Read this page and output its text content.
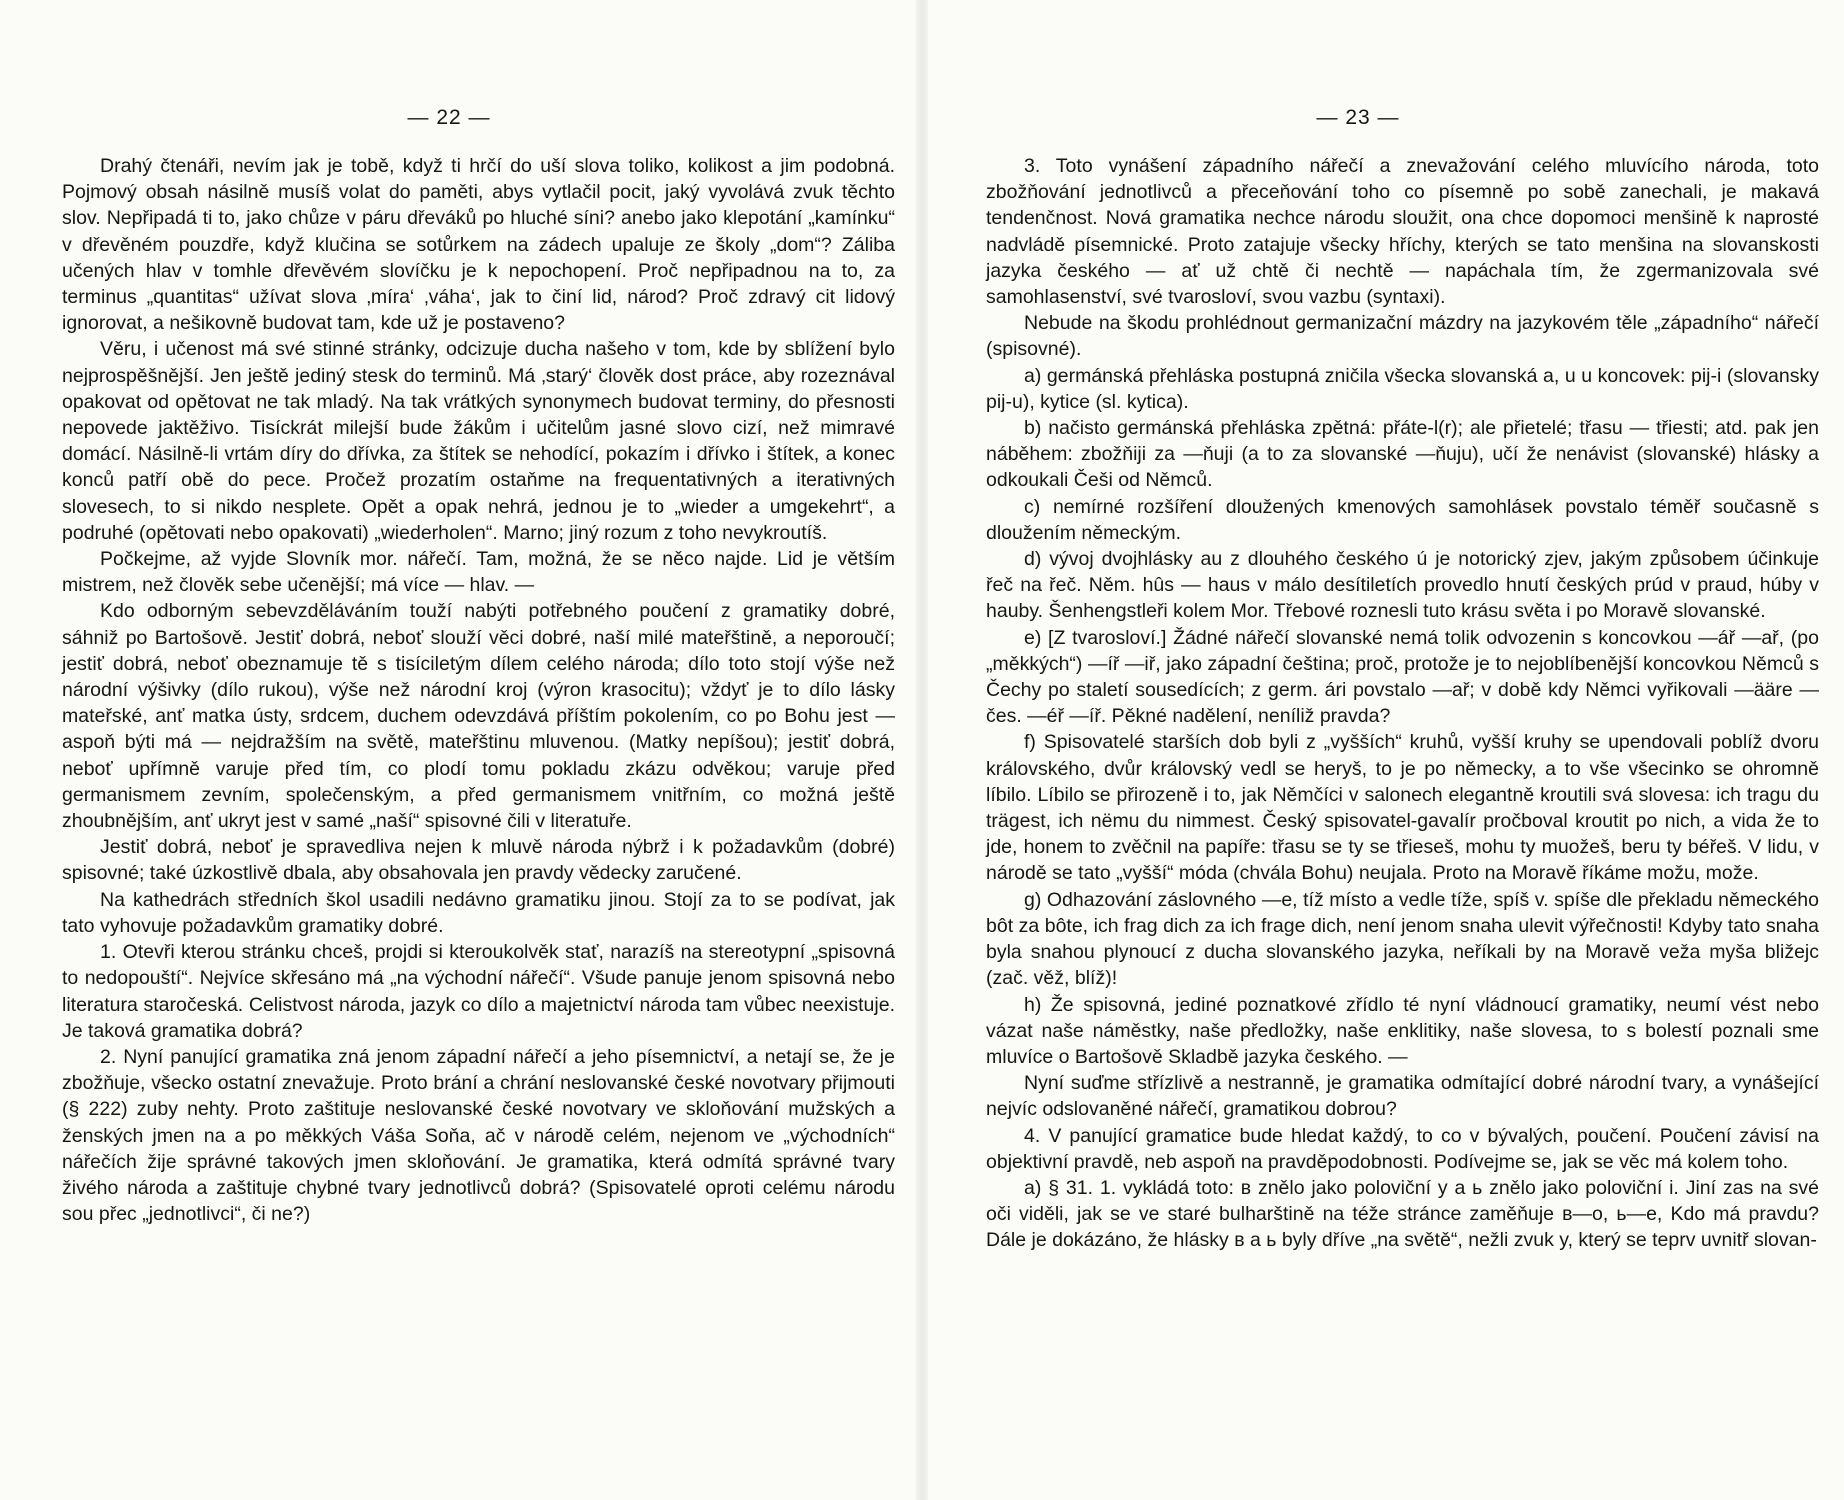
— 22 —

Drahý čtenáři, nevím jak je tobě, když ti hrčí do uší slova toliko, kolikost a jim podobná. Pojmový obsah násilně musíš volat do paměti, abys vytlačil pocit, jaký vyvolává zvuk těchto slov. Nepřipadá ti to, jako chůze v páru dřeváků po hluché síni? anebo jako klepotání „kamínku“ v dřevěném pouzdře, když klučina se sotůrkem na zádech upaluje ze školy „dom“? Záliba učených hlav v tomhle dřevěvém slovíčku je k nepochopení. Proč nepřipadnou na to, za terminus „quantitas“ užívat slova ‚míra‘ ‚váha‘, jak to činí lid, národ? Proč zdravý cit lidový ignorovat, a nešikovně budovat tam, kde už je postaveno?

Věru, i učenost má své stinné stránky, odcizuje ducha našeho v tom, kde by sblížení bylo nejprospěšnější. Jen ještě jediný stesk do terminů. Má ‚starý‘ člověk dost práce, aby rozeznával opakovat od opětovat ne tak mladý. Na tak vrátkých synonymech budovat terminy, do přesnosti nepovede jaktěživo. Tisíckrát milejší bude žákům i učitelům jasné slovo cizí, než mimravé domácí. Násilně-li vrtám díry do dřívka, za štítek se nehodící, pokazím i dřívko i štítek, a konec konců patří obě do pece. Pročež prozatím ostaňme na frequentativných a iterativných slovesech, to si nikdo nesplete. Opět a opak nehrá, jednou je to „wieder a umgekehrt“, a podruhé (opětovati nebo opakovati) „wiederholen“. Marno; jiný rozum z toho nevykroutíš.

Počkejme, až vyjde Slovník mor. nářečí. Tam, možná, že se něco najde. Lid je větším mistrem, než člověk sebe učenější; má více — hlav. —

Kdo odborným sebevzděláváním touží nabýti potřebného poučení z gramatiky dobré, sáhniž po Bartošově. Jestiť dobrá, neboť slouží věci dobré, naší milé mateřštině, a neporoučí; jestiť dobrá, neboť obeznamuje tě s tisíciletým dílem celého národa; dílo toto stojí výše než národní výšivky (dílo rukou), výše než národní kroj (výron krasocitu); vždyť je to dílo lásky mateřské, anť matka ústy, srdcem, duchem odevzdává příštím pokolením, co po Bohu jest — aspoň býti má — nejdražším na světě, mateřštinu mluvenou. (Matky nepíšou); jestiť dobrá, neboť upřímně varuje před tím, co plodí tomu pokladu zkázu odvěkou; varuje před germanismem zevním, společenským, a před germanismem vnitřním, co možná ještě zhoubnějším, anť ukryt jest v samé „naší“ spisovné čili v literatuře.

Jestiť dobrá, neboť je spravedliva nejen k mluvě národa nýbrž i k požadavkům (dobré) spisovné; také úzkostlivě dbala, aby obsahovala jen pravdy vědecky zaručené.

Na kathedrách středních škol usadili nedávno gramatiku jinou. Stojí za to se podívat, jak tato vyhovuje požadavkům gramatiky dobré.

1. Otevři kterou stránku chceš, projdi si kteroukolvěk stať, narazíš na stereotypní „spisovná to nedopouští“. Nejvíce skřesáno má „na východní nářečí“. Všude panuje jenom spisovná nebo literatura staročeská. Celistvost národa, jazyk co dílo a majetnictví národa tam vůbec neexistuje. Je taková gramatika dobrá?

2. Nyní panující gramatika zná jenom západní nářečí a jeho písemnictví, a netají se, že je zbožňuje, všecko ostatní znevažuje. Proto brání a chrání neslovanské české novotvary přijmouti (§ 222) zuby nehty. Proto zaštituje neslovanské české novotvary ve skloňování mužských a ženských jmen na a po měkkých Váša Soňa, ač v národě celém, nejenom ve „východních“ nářečích žije správné takových jmen skloňování. Je gramatika, která odmítá správné tvary živého národa a zaštituje chybné tvary jednotlivců dobrá? (Spisovatelé oproti celému národu sou přec „jednotlivci“, či ne?)

— 23 —

3. Toto vynášení západního nářečí a znevažování celého mluvícího národa, toto zbožňování jednotlivců a přeceňování toho co písemně po sobě zanechali, je makavá tendenčnost. Nová gramatika nechce národu sloužit, ona chce dopomoci menšině k naprosté nadvládě písemnické. Proto zatajuje všecky hříchy, kterých se tato menšina na slovanskosti jazyka českého — ať už chtě či nechtě — napáchala tím, že zgermanizovala své samohlasenství, své tvarosloví, svou vazbu (syntaxi).

Nebude na škodu prohlédnout germanizační mázdry na jazykovém těle „západního“ nářečí (spisovné).

a) germánská přehláska postupná zničila všecka slovanská a, u u koncovek: pij-i (slovansky pij-u), kytice (sl. kytica).

b) načisto germánská přehláska zpětná: přáte-l(r); ale přietelé; třasu — třiesti; atd. pak jen náběhem: zbožňiji za —ňuji (a to za slovanské —ňuju), učí že nenávist (slovanské) hlásky a odkoukali Češi od Němců.

c) nemírné rozšíření dloužených kmenových samohlásek povstalo téměř současně s dloužením německým.

d) vývoj dvojhlásky au z dlouhého českého ú je notorický zjev, jakým způsobem účinkuje řeč na řeč. Něm. hûs — haus v málo desítiletích provedlo hnutí českých prúd v praud, húby v hauby. Šenhengstleři kolem Mor. Třebové roznesli tuto krásu světa i po Moravě slovanské.

e) [Z tvarosloví.] Žádné nářečí slovanské nemá tolik odvozenin s koncovkou —ář —ař, (po „měkkých“) —íř —iř, jako západní čeština; proč, protože je to nejoblíbenější koncovkou Němců s Čechy po staletí sousedících; z germ. ári povstalo —ař; v době kdy Němci vyřikovali —ääre — čes. —éř —íř. Pěkné nadělení, neníliž pravda?

f) Spisovatelé starších dob byli z „vyšších“ kruhů, vyšší kruhy se upendovali poblíž dvoru královského, dvůr královský vedl se heryš, to je po německy, a to vše všecinko se ohromně líbilo. Líbilo se přirozeně i to, jak Němčíci v salonech elegantně kroutili svá slovesa: ich tragu du trägest, ich nëmu du nimmest. Český spisovatel-gavalír pročboval kroutit po nich, a vida že to jde, honem to zvěčnil na papíře: třasu se ty se třieseš, mohu ty muožeš, beru ty béřeš. V lidu, v národě se tato „vyšší“ móda (chvála Bohu) neujala. Proto na Moravě říkáme možu, može.

g) Odhazování záslovného —e, tíž místo a vedle tíže, spíš v. spíše dle překladu německého bôt za bôte, ich frag dich za ich frage dich, není jenom snaha ulevit výřečnosti! Kdyby tato snaha byla snahou plynoucí z ducha slovanského jazyka, neříkali by na Moravě veža myša bližejc (zač. věž, blíž)!

h) Že spisovná, jediné poznatkové zřídlo té nyní vládnoucí gramatiky, neumí vést nebo vázat naše náměstky, naše předložky, naše enklitiky, naše slovesa, to s bolestí poznali sme mluvíce o Bartošově Skladbě jazyka českého. —

Nyní suďme střízlivě a nestranně, je gramatika odmítající dobré národní tvary, a vynášející nejvíc odslovaněné nářečí, gramatikou dobrou?

4. V panující gramatice bude hledat každý, to co v bývalých, poučení. Poučení závisí na objektivní pravdě, neb aspoň na pravděpodobnosti. Podívejme se, jak se věc má kolem toho.

a) § 31. 1. vykládá toto: в znělo jako poloviční y a ь znělo jako poloviční i. Jiní zas na své oči viděli, jak se ve staré bulharštině na téže stránce zaměňuje в—o, ь—e, Kdo má pravdu? Dále je dokázáno, že hlásky в a ь byly dříve „na světě“, nežli zvuk y, který se teprv uvnitř slovan-
